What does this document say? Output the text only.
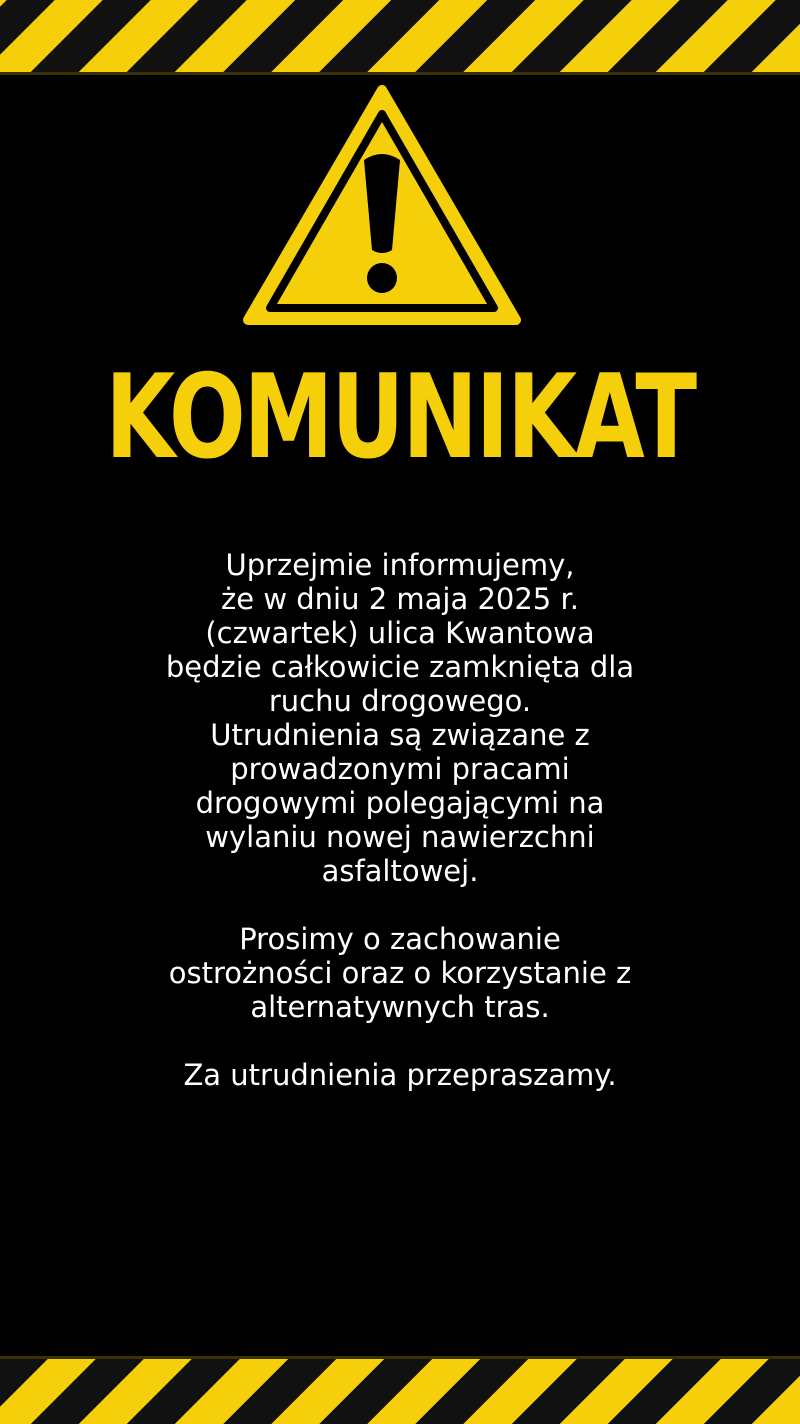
KOMUNIKAT

Uprzejmie informujemy,
że w dniu 2 maja 2025 r.
(czwartek) ulica Kwantowa
będzie całkowicie zamknięta dla
ruchu drogowego.
Utrudnienia są związane z
prowadzonymi pracami
drogowymi polegającymi na
wylaniu nowej nawierzchni
asfaltowej.

Prosimy o zachowanie
ostrożności oraz o korzystanie z
alternatywnych tras.

Za utrudnienia przepraszamy.
